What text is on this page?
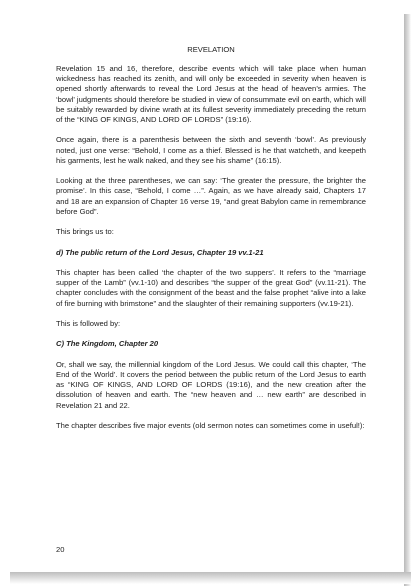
REVELATION

Revelation 15 and 16, therefore, describe events which will take place when human wickedness has reached its zenith, and will only be exceeded in severity when heaven is opened shortly afterwards to reveal the Lord Jesus at the head of heaven’s armies. The ‘bowl’ judgments should therefore be studied in view of consummate evil on earth, which will be suitably rewarded by divine wrath at its fullest severity immediately preceding the return of the “KING OF KINGS, AND LORD OF LORDS” (19:16).

Once again, there is a parenthesis between the sixth and seventh ‘bowl’. As previously noted, just one verse: “Behold, I come as a thief. Blessed is he that watcheth, and keepeth his garments, lest he walk naked, and they see his shame” (16:15).

Looking at the three parentheses, we can say: ‘The greater the pressure, the brighter the promise’. In this case, “Behold, I come …”. Again, as we have already said, Chapters 17 and 18 are an expansion of Chapter 16 verse 19, “and great Babylon came in remembrance before God”.

This brings us to:

d) The public return of the Lord Jesus, Chapter 19 vv.1-21

This chapter has been called ‘the chapter of the two suppers’. It refers to the “marriage supper of the Lamb” (vv.1-10) and describes “the supper of the great God” (vv.11-21). The chapter concludes with the consignment of the beast and the false prophet “alive into a lake of fire burning with brimstone” and the slaughter of their remaining supporters (vv.19-21).

This is followed by:

C) The Kingdom, Chapter 20

Or, shall we say, the millennial kingdom of the Lord Jesus. We could call this chapter, ‘The End of the World’. It covers the period between the public return of the Lord Jesus to earth as “KING OF KINGS, AND LORD OF LORDS (19:16), and the new creation after the dissolution of heaven and earth. The “new heaven and … new earth” are described in Revelation 21 and 22.

The chapter describes five major events (old sermon notes can sometimes come in useful!):

20
